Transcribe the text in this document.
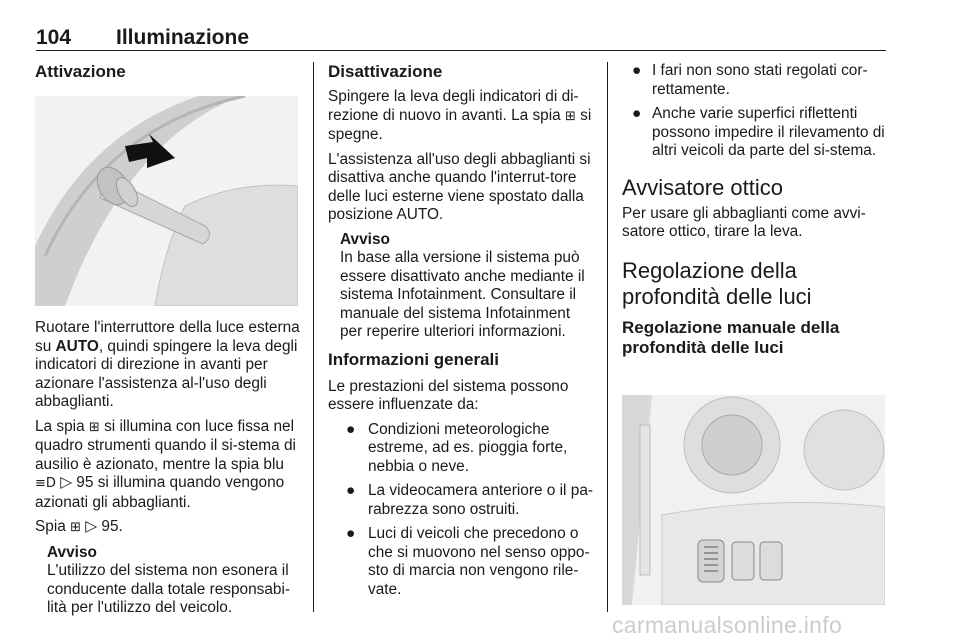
104 Illuminazione
Attivazione

Ruotare l'interruttore della luce esterna su AUTO, quindi spingere la leva degli indicatori di direzione in avanti per azionare l'assistenza al-l'uso degli abbaglianti.

La spia ⊞ si illumina con luce fissa nel quadro strumenti quando il si-stema di ausilio è azionato, mentre la spia blu ≡D ▷ 95 si illumina quando vengono azionati gli abbaglianti.

Spia ⊞ ▷ 95.

Avviso
L'utilizzo del sistema non esonera il conducente dalla totale responsabi-lità per l'utilizzo del veicolo.
Disattivazione

Spingere la leva degli indicatori di di-rezione di nuovo in avanti. La spia ⊞ si spegne.

L'assistenza all'uso degli abbaglianti si disattiva anche quando l'interrut-tore delle luci esterne viene spostato dalla posizione AUTO.

Avviso
In base alla versione il sistema può essere disattivato anche mediante il sistema Infotainment. Consultare il manuale del sistema Infotainment per reperire ulteriori informazioni.
Informazioni generali

Le prestazioni del sistema possono essere influenzate da:

● Condizioni meteorologiche estreme, ad es. pioggia forte, nebbia o neve.
● La videocamera anteriore o il pa-rabrezza sono ostruiti.
● Luci di veicoli che precedono o che si muovono nel senso oppo-sto di marcia non vengono rile-vate.
● I fari non sono stati regolati cor-rettamente.
● Anche varie superfici riflettenti possono impedire il rilevamento di altri veicoli da parte del si-stema.
Avvisatore ottico

Per usare gli abbaglianti come avvi-satore ottico, tirare la leva.

Regolazione della profondità delle luci
Regolazione manuale della profondità delle luci
carmanualsonline.info
